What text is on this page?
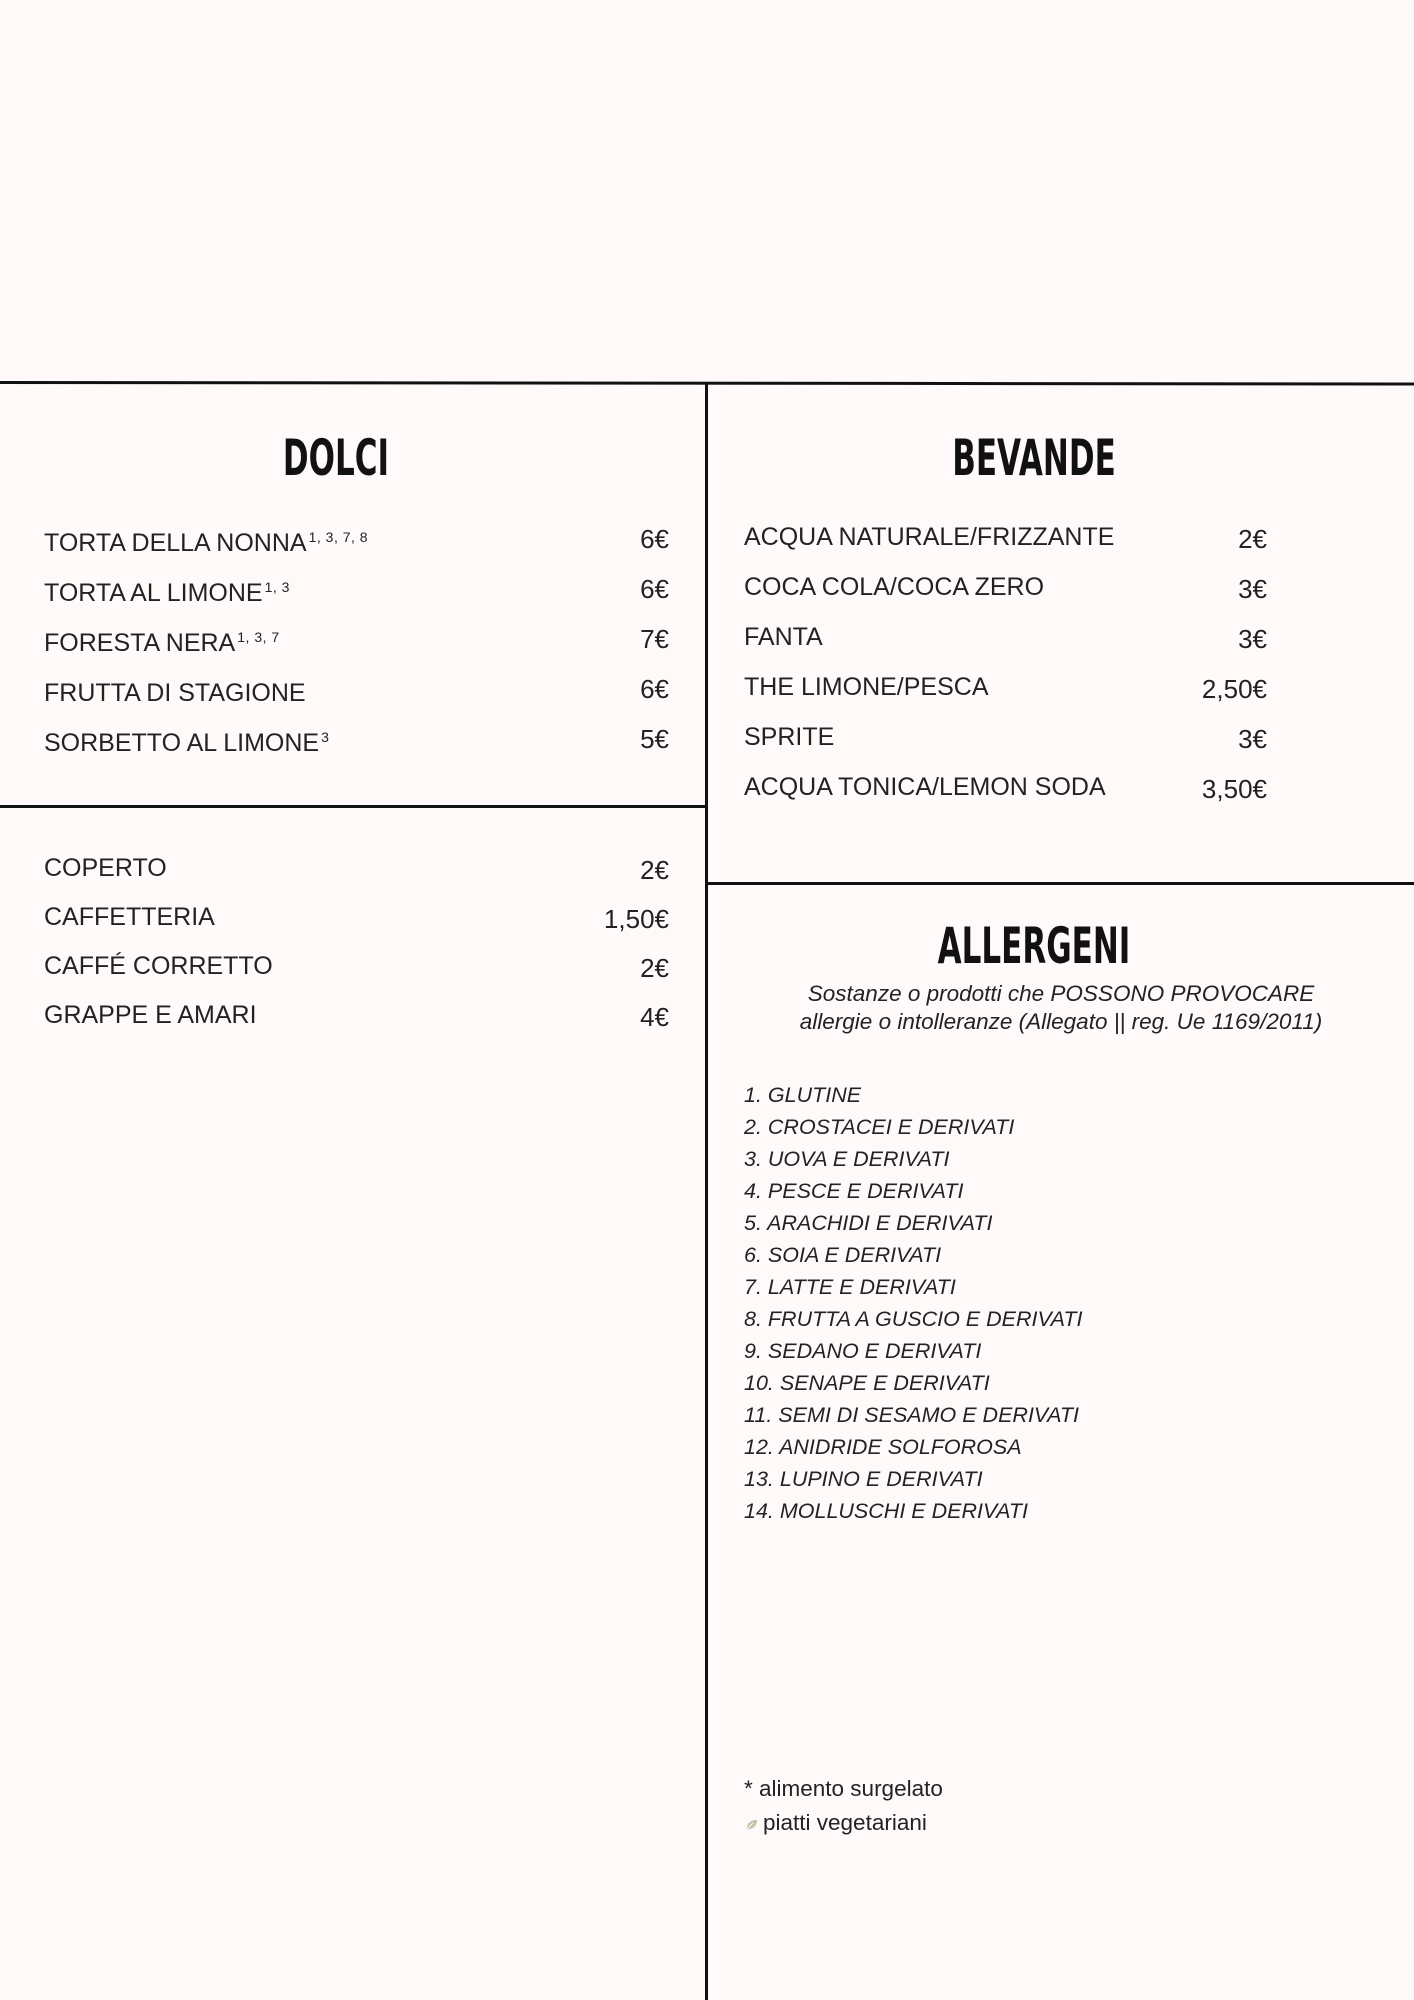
DOLCI
TORTA DELLA NONNA $^{1, 3, 7, 8}$	6€
TORTA AL LIMONE $^{1, 3}$	6€
FORESTA NERA $^{1, 3, 7}$	7€
FRUTTA DI STAGIONE	6€
SORBETTO AL LIMONE $^3$	5€
COPERTO	2€
CAFFETTERIA	1,50€
CAFFÉ CORRETTO	2€
GRAPPE E AMARI	4€
BEVANDE
ACQUA NATURALE/FRIZZANTE	2€
COCA COLA/COCA ZERO	3€
FANTA	3€
THE LIMONE/PESCA	2,50€
SPRITE	3€
ACQUA TONICA/LEMON SODA	3,50€
ALLERGENI

Sostanze o prodotti che POSSONO PROVOCARE
allergie o intolleranze (Allegato || reg. Ue 1169/2011)

1. GLUTINE
2. CROSTACEI E DERIVATI
3. UOVA E DERIVATI
4. PESCE E DERIVATI
5. ARACHIDI E DERIVATI
6. SOIA E DERIVATI
7. LATTE E DERIVATI
8. FRUTTA A GUSCIO E DERIVATI
9. SEDANO E DERIVATI
10. SENAPE E DERIVATI
11. SEMI DI SESAMO E DERIVATI
12. ANIDRIDE SOLFOROSA
13. LUPINO E DERIVATI
14. MOLLUSCHI E DERIVATI
* alimento surgelato
piatti vegetariani
